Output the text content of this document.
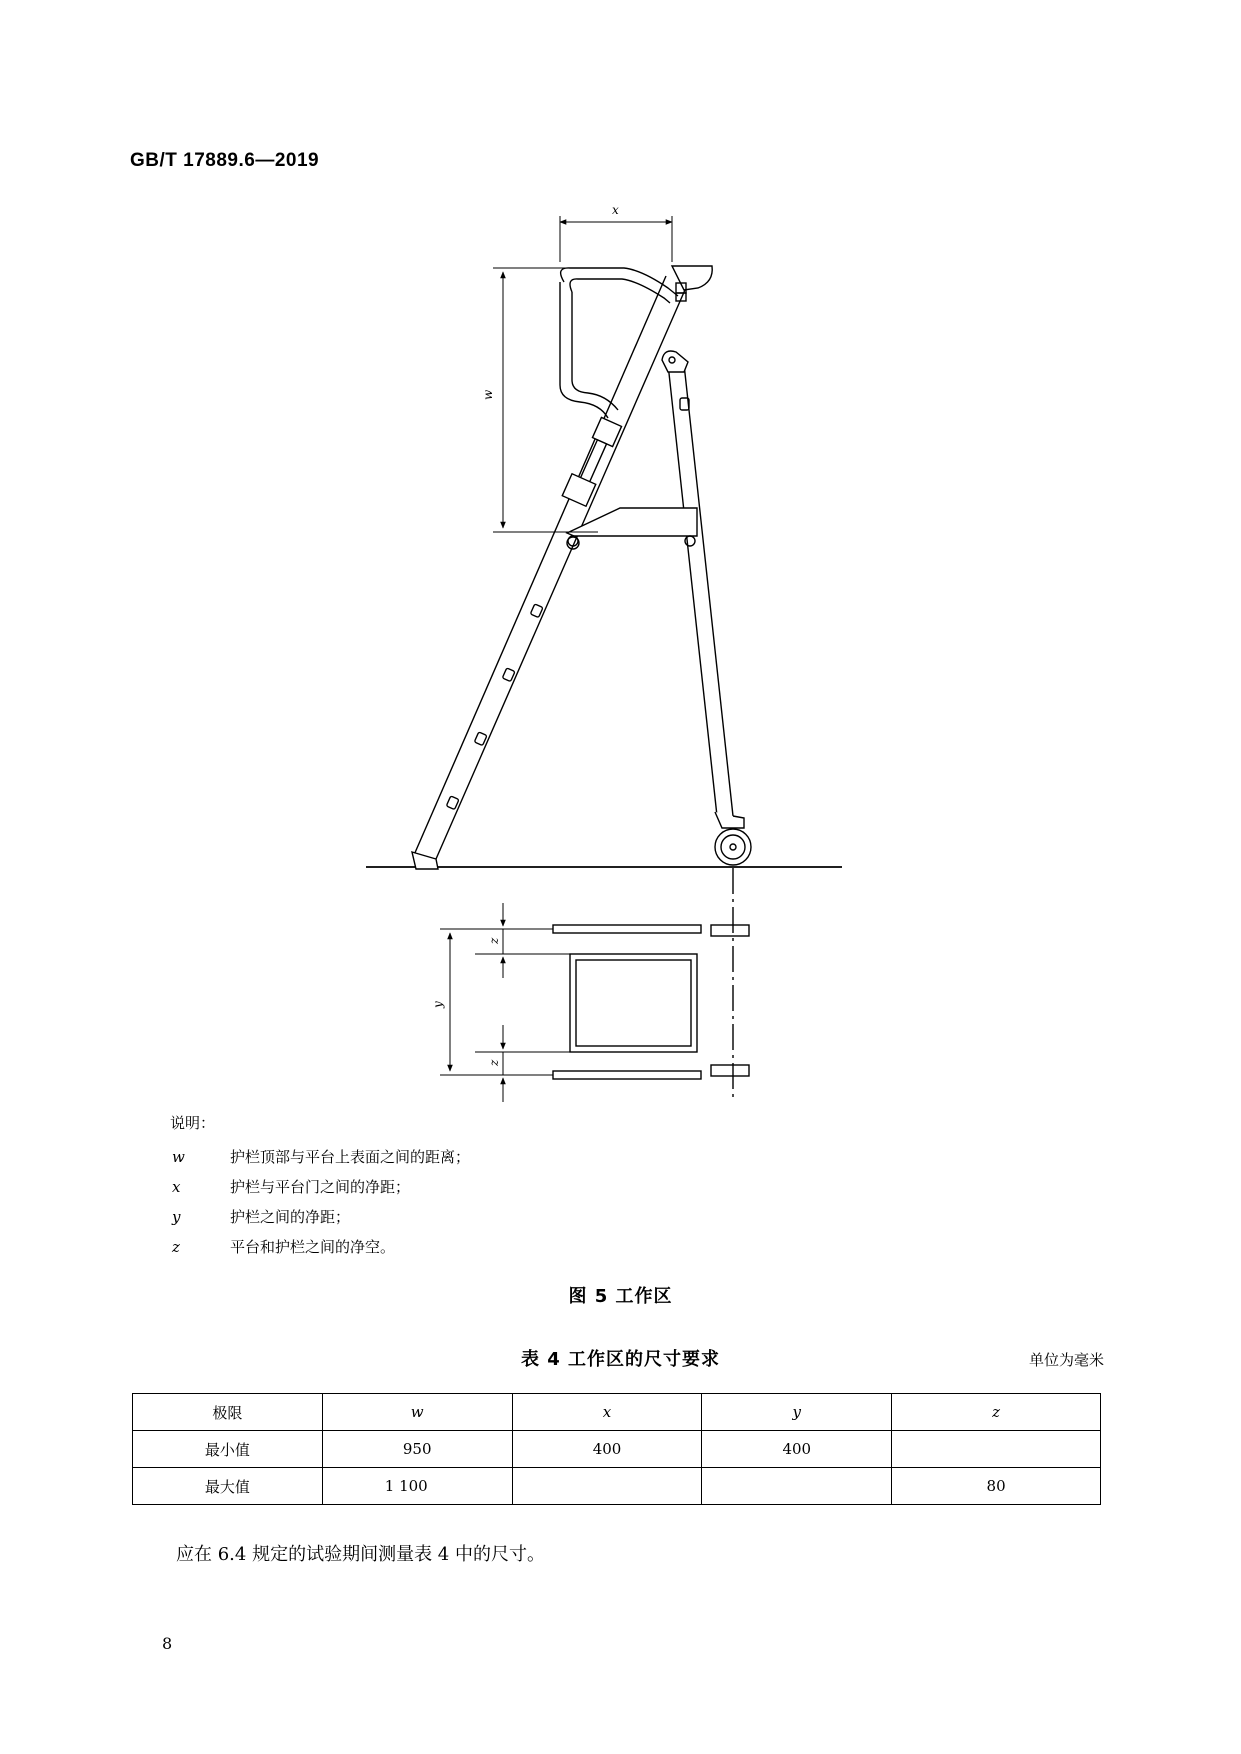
GB/T 17889.6—2019
x
w
y
z
z
说明：
w	护栏顶部与平台上表面之间的距离；
x	护栏与平台门之间的净距；
y	护栏之间的净距；
z	平台和护栏之间的净空。
图 5 工作区
表 4 工作区的尺寸要求	单位为毫米
极限	w	x	y	z
最小值	950	400	400	
最大值	1 100			80
应在 6.4 规定的试验期间测量表 4 中的尺寸。
8
